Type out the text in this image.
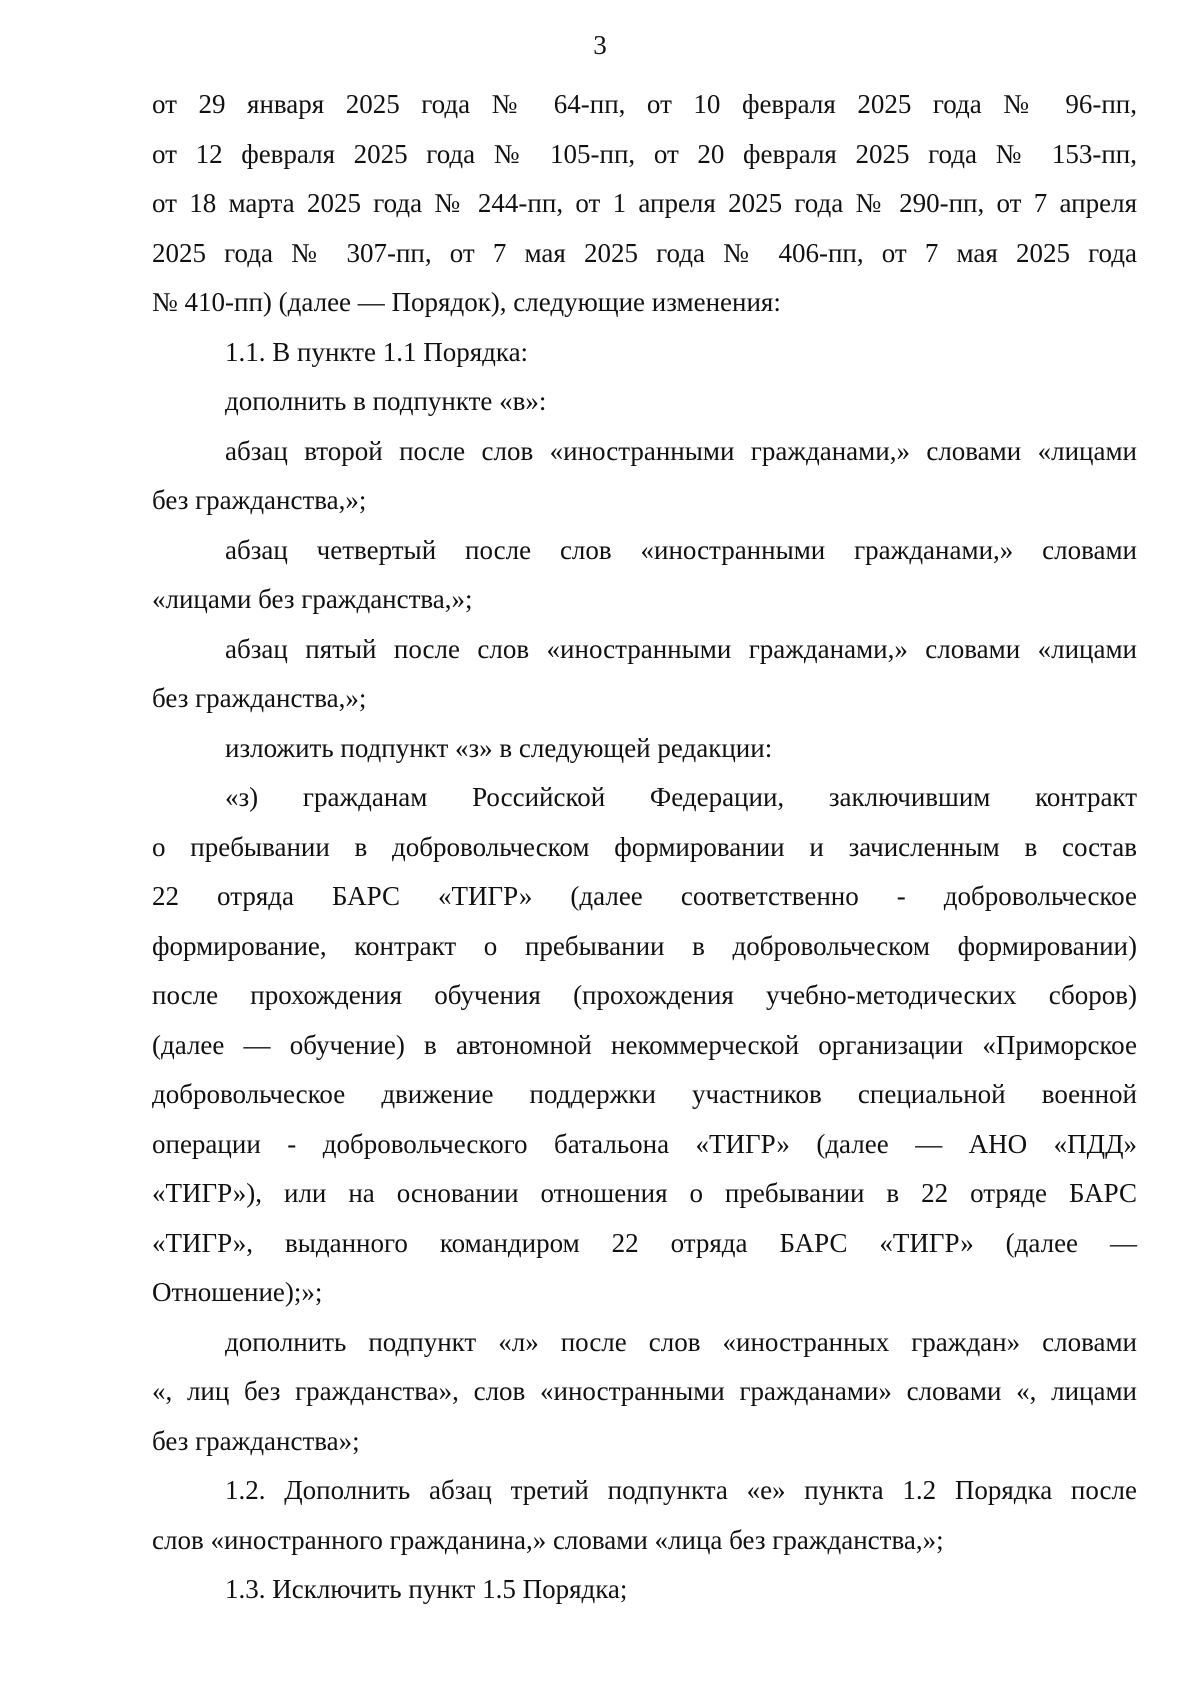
3
от 29 января 2025 года № 64-пп, от 10 февраля 2025 года № 96-пп,
от 12 февраля 2025 года № 105-пп, от 20 февраля 2025 года № 153-пп,
от 18 марта 2025 года № 244-пп, от 1 апреля 2025 года № 290-пп, от 7 апреля
2025 года № 307-пп, от 7 мая 2025 года № 406-пп, от 7 мая 2025 года
№ 410-пп) (далее — Порядок), следующие изменения:
1.1. В пункте 1.1 Порядка:
дополнить в подпункте «в»:
абзац второй после слов «иностранными гражданами,» словами «лицами
без гражданства,»;
абзац четвертый после слов «иностранными гражданами,» словами
«лицами без гражданства,»;
абзац пятый после слов «иностранными гражданами,» словами «лицами
без гражданства,»;
изложить подпункт «з» в следующей редакции:
«з) гражданам Российской Федерации, заключившим контракт
о пребывании в добровольческом формировании и зачисленным в состав
22 отряда БАРС «ТИГР» (далее соответственно - добровольческое
формирование, контракт о пребывании в добровольческом формировании)
после прохождения обучения (прохождения учебно-методических сборов)
(далее — обучение) в автономной некоммерческой организации «Приморское
добровольческое движение поддержки участников специальной военной
операции - добровольческого батальона «ТИГР» (далее — АНО «ПДД»
«ТИГР»), или на основании отношения о пребывании в 22 отряде БАРС
«ТИГР», выданного командиром 22 отряда БАРС «ТИГР» (далее —
Отношение);»;
дополнить подпункт «л» после слов «иностранных граждан» словами
«, лиц без гражданства», слов «иностранными гражданами» словами «, лицами
без гражданства»;
1.2. Дополнить абзац третий подпункта «е» пункта 1.2 Порядка после
слов «иностранного гражданина,» словами «лица без гражданства,»;
1.3. Исключить пункт 1.5 Порядка;
